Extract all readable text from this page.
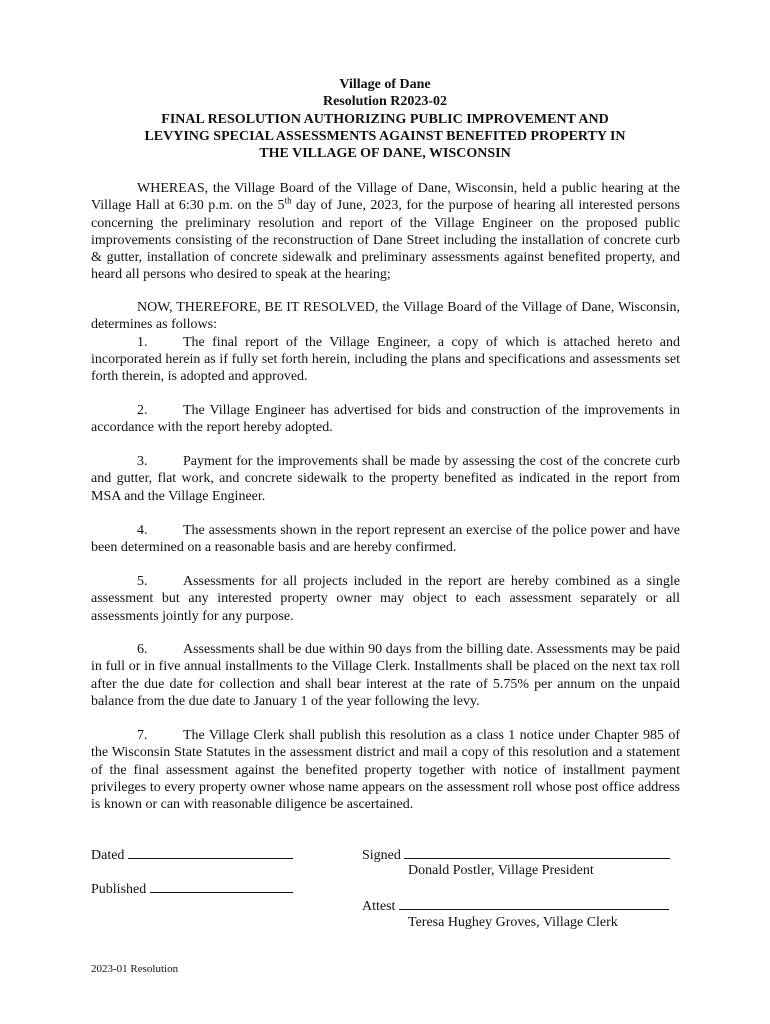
Village of Dane
Resolution R2023-02
FINAL RESOLUTION AUTHORIZING PUBLIC IMPROVEMENT AND
LEVYING SPECIAL ASSESSMENTS AGAINST BENEFITED PROPERTY IN
THE VILLAGE OF DANE, WISCONSIN
WHEREAS, the Village Board of the Village of Dane, Wisconsin, held a public hearing at the Village Hall at 6:30 p.m. on the 5th day of June, 2023, for the purpose of hearing all interested persons concerning the preliminary resolution and report of the Village Engineer on the proposed public improvements consisting of the reconstruction of Dane Street including the installation of concrete curb & gutter, installation of concrete sidewalk and preliminary assessments against benefited property, and heard all persons who desired to speak at the hearing;
NOW, THEREFORE, BE IT RESOLVED, the Village Board of the Village of Dane, Wisconsin, determines as follows:
1.	The final report of the Village Engineer, a copy of which is attached hereto and incorporated herein as if fully set forth herein, including the plans and specifications and assessments set forth therein, is adopted and approved.
2.	The Village Engineer has advertised for bids and construction of the improvements in accordance with the report hereby adopted.
3.	Payment for the improvements shall be made by assessing the cost of the concrete curb and gutter, flat work, and concrete sidewalk to the property benefited as indicated in the report from MSA and the Village Engineer.
4.	The assessments shown in the report represent an exercise of the police power and have been determined on a reasonable basis and are hereby confirmed.
5.	Assessments for all projects included in the report are hereby combined as a single assessment but any interested property owner may object to each assessment separately or all assessments jointly for any purpose.
6.	Assessments shall be due within 90 days from the billing date. Assessments may be paid in full or in five annual installments to the Village Clerk. Installments shall be placed on the next tax roll after the due date for collection and shall bear interest at the rate of 5.75% per annum on the unpaid balance from the due date to January 1 of the year following the levy.
7.	The Village Clerk shall publish this resolution as a class 1 notice under Chapter 985 of the Wisconsin State Statutes in the assessment district and mail a copy of this resolution and a statement of the final assessment against the benefited property together with notice of installment payment privileges to every property owner whose name appears on the assessment roll whose post office address is known or can with reasonable diligence be ascertained.
Dated
Published
Signed
Donald Postler, Village President
Attest
Teresa Hughey Groves, Village Clerk
2023-01 Resolution
